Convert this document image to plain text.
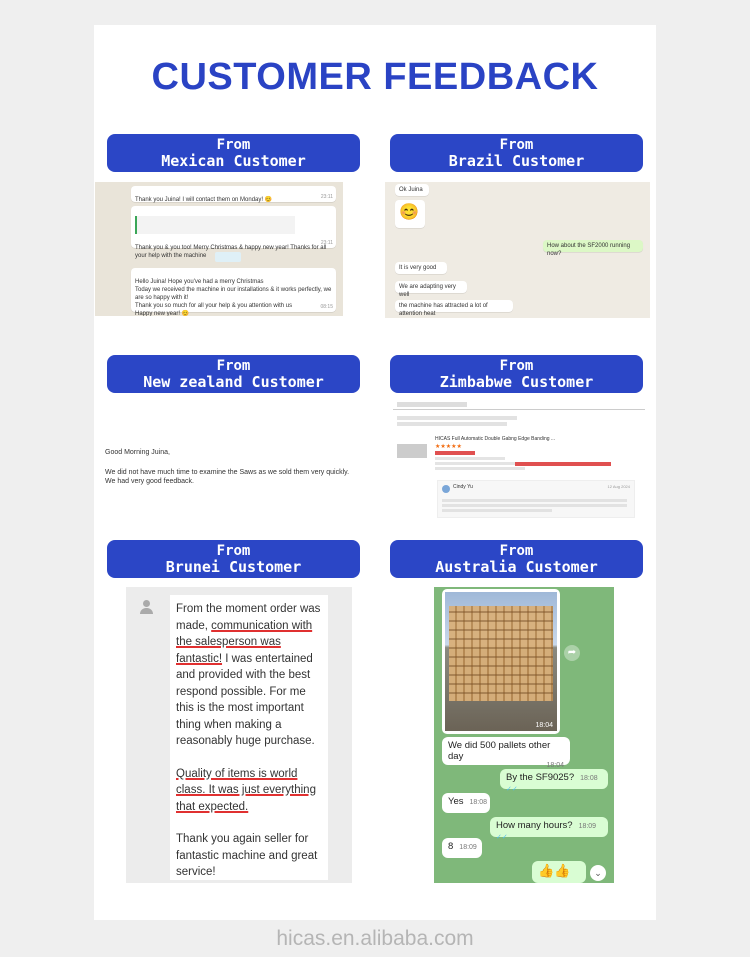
CUSTOMER FEEDBACK
From
Mexican Customer
From
Brazil Customer
From
New zealand Customer
From
Zimbabwe Customer
From
Brunei Customer
From
Australia Customer

Thank you Juina! I will contact them on Monday! 😊	23:11

Thank you & you too! Merry Christmas & happy new year! Thanks for all your help with the machine
23:11

Hello Juina! Hope you've had a merry Christmas
Today we received the machine in our installations & it works perfectly, we are so happy with it!
Thank you so much for all your help & you attention with us
Happy new year! 😊
08:15

Ok Juina
😊
How about the SF2000 running now?
It is very good
We are adapting very well
the machine has attracted a lot of attention heat
Good Morning Juina,
We did not have much time to examine the Saws as we sold them very quickly.
We had very good feedback.
HICAS Full Automatic Double Gabng Edge Banding ...
★★★★★
Cindy Yu	12 Aug 2024

From the moment order was made, communication with the salesperson was fantastic! I was entertained and provided with the best respond possible. For me this is the most important thing when making a reasonably huge purchase.

Quality of items is world class. It was just everything that expected.

Thank you again seller for fantastic machine and great service!

18:04
➦
We did 500 pallets other day
18:04
By the SF9025? 18:08 ✓✓
Yes 18:08
How many hours? 18:09 ✓✓
8 18:09
👍👍	⌄
hicas.en.alibaba.com
